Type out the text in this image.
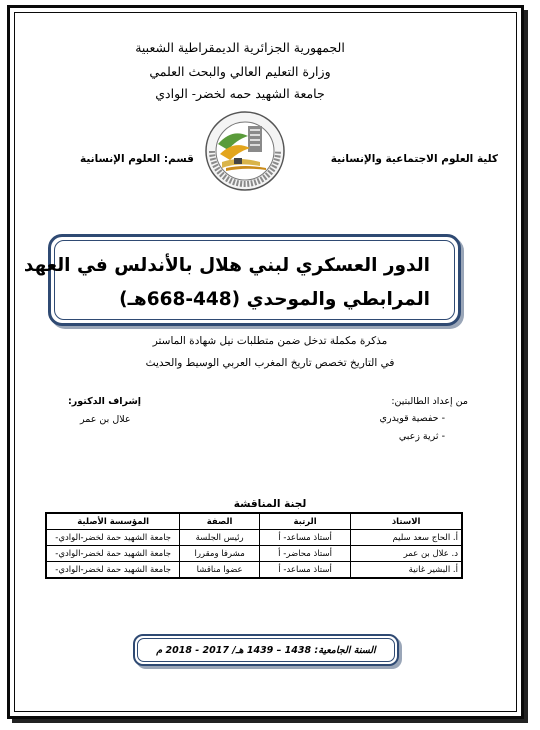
الجمهورية الجزائرية الديمقراطية الشعبية
وزارة التعليم العالي والبحث العلمي
جامعة الشهيد حمه لخضر- الوادي
كلية العلوم الاجتماعية والإنسانية
قسم: العلوم الإنسانية
الدور العسكري لبني هلال بالأندلس في العهد
المرابطي والموحدي (448-668هـ)
مذكرة مكملة تدخل ضمن متطلبات نيل شهادة الماستر
في التاريخ تخصص تاريخ المغرب العربي الوسيط والحديث
من إعداد الطالبتين:
- حفصية قويدري
- ثرية زعبي
إشراف الدكتور:
علال بن عمر
لجنة المناقشة
الاستاذ	الرتبة	الصفة	المؤسسة الأصلية
أ. الحاج سعد سليم	أستاذ مساعد- أ	رئيس الجلسة	جامعة الشهيد حمة لخضر-الوادي-
د. علال بن عمر	أستاذ محاضر- أ	مشرفا ومقررا	جامعة الشهيد حمة لخضر-الوادي-
أ. البشير غانية	أستاذ مساعد- أ	عضوا مناقشا	جامعة الشهيد حمة لخضر-الوادي-
السنة الجامعية: 1438 – 1439 هـ/ 2017 - 2018 م
